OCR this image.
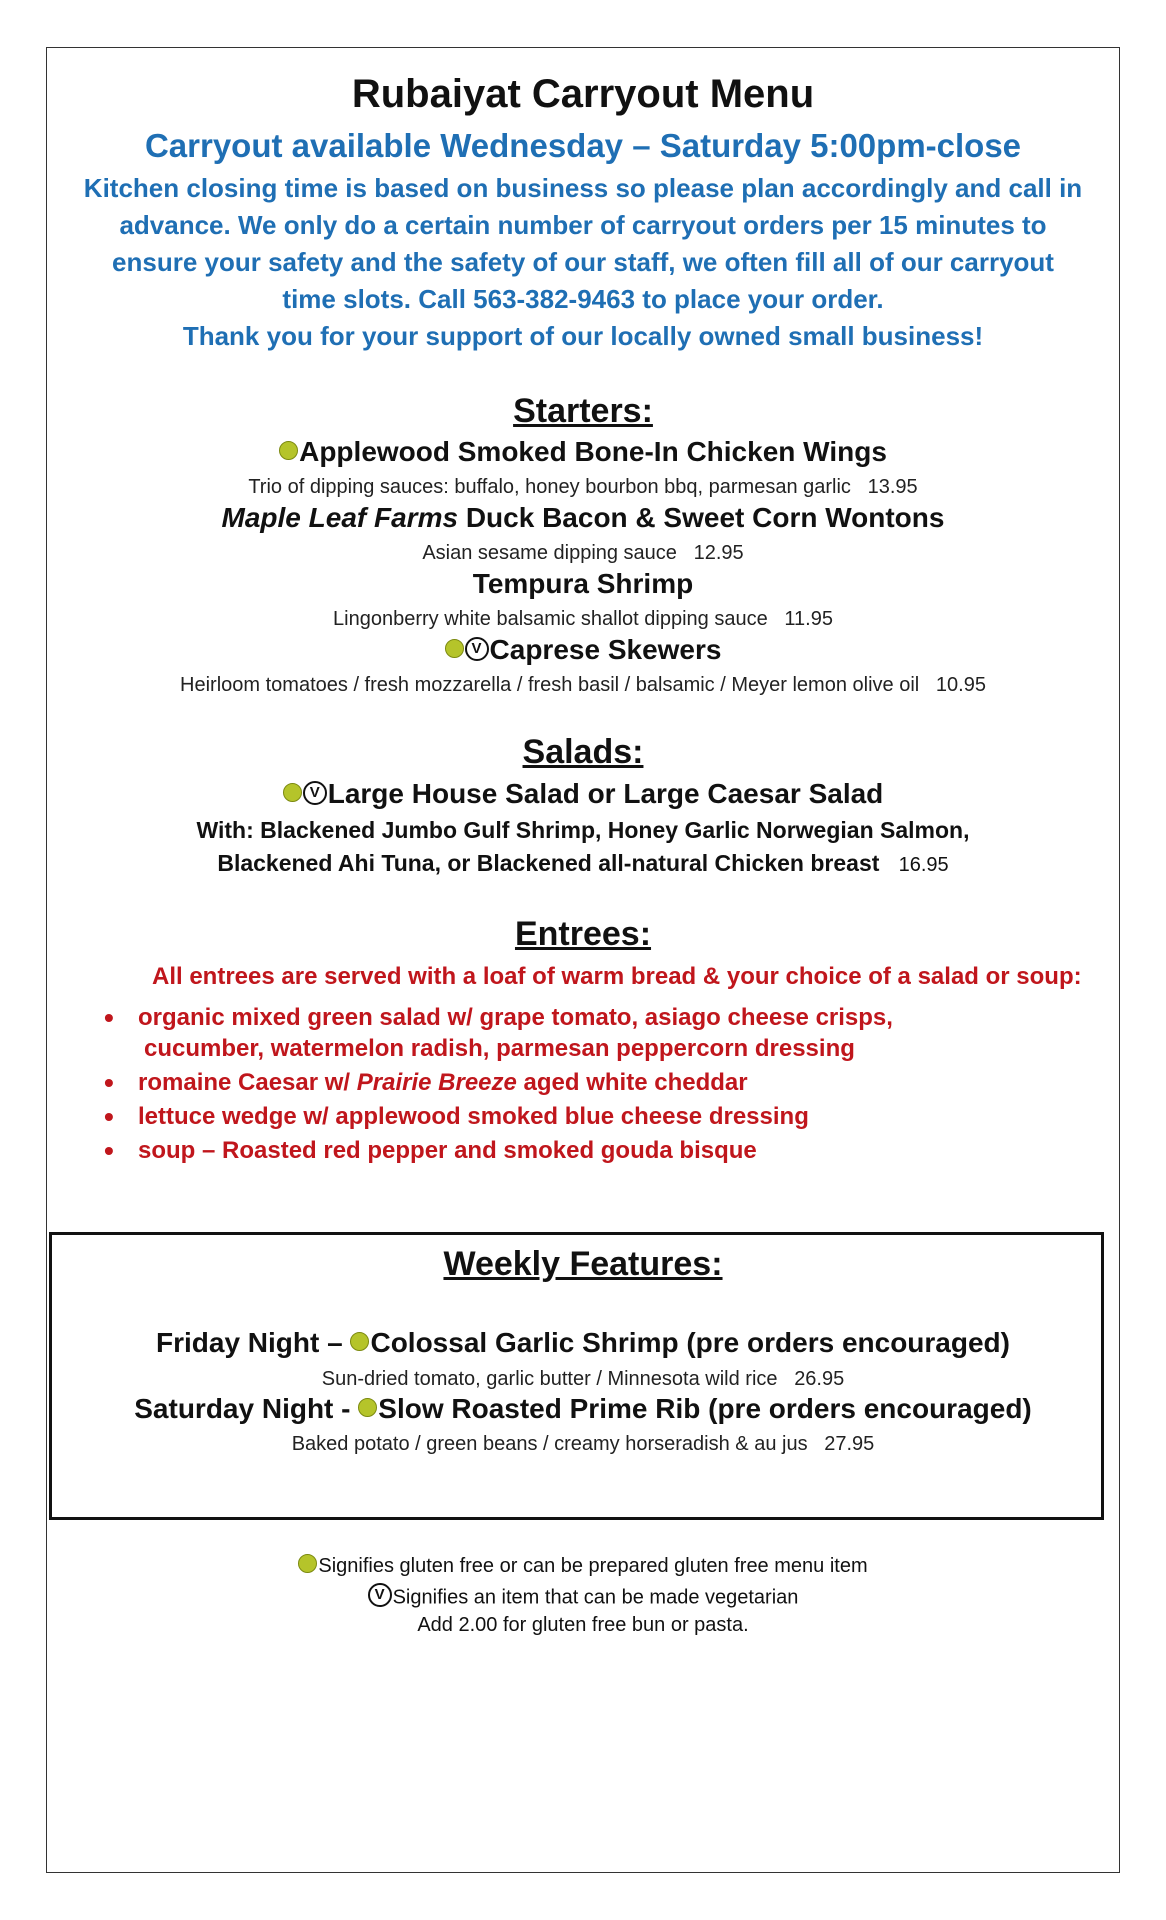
Rubaiyat Carryout Menu
Carryout available Wednesday – Saturday 5:00pm-close
Kitchen closing time is based on business so please plan accordingly and call in
advance. We only do a certain number of carryout orders per 15 minutes to
ensure your safety and the safety of our staff, we often fill all of our carryout
time slots. Call 563-382-9463 to place your order.
Thank you for your support of our locally owned small business!
Starters:
Applewood Smoked Bone-In Chicken Wings
Trio of dipping sauces: buffalo, honey bourbon bbq, parmesan garlic 13.95
Maple Leaf Farms Duck Bacon & Sweet Corn Wontons
Asian sesame dipping sauce 12.95
Tempura Shrimp
Lingonberry white balsamic shallot dipping sauce 11.95
V Caprese Skewers
Heirloom tomatoes / fresh mozzarella / fresh basil / balsamic / Meyer lemon olive oil 10.95
Salads:
V Large House Salad or Large Caesar Salad
With: Blackened Jumbo Gulf Shrimp, Honey Garlic Norwegian Salmon,
Blackened Ahi Tuna, or Blackened all-natural Chicken breast 16.95
Entrees:
All entrees are served with a loaf of warm bread & your choice of a salad or soup:
• organic mixed green salad w/ grape tomato, asiago cheese crisps,
cucumber, watermelon radish, parmesan peppercorn dressing
• romaine Caesar w/ Prairie Breeze aged white cheddar
• lettuce wedge w/ applewood smoked blue cheese dressing
• soup – Roasted red pepper and smoked gouda bisque
Weekly Features:
Friday Night – Colossal Garlic Shrimp (pre orders encouraged)
Sun-dried tomato, garlic butter / Minnesota wild rice 26.95
Saturday Night - Slow Roasted Prime Rib (pre orders encouraged)
Baked potato / green beans / creamy horseradish & au jus 27.95
Signifies gluten free or can be prepared gluten free menu item
V Signifies an item that can be made vegetarian
Add 2.00 for gluten free bun or pasta.
